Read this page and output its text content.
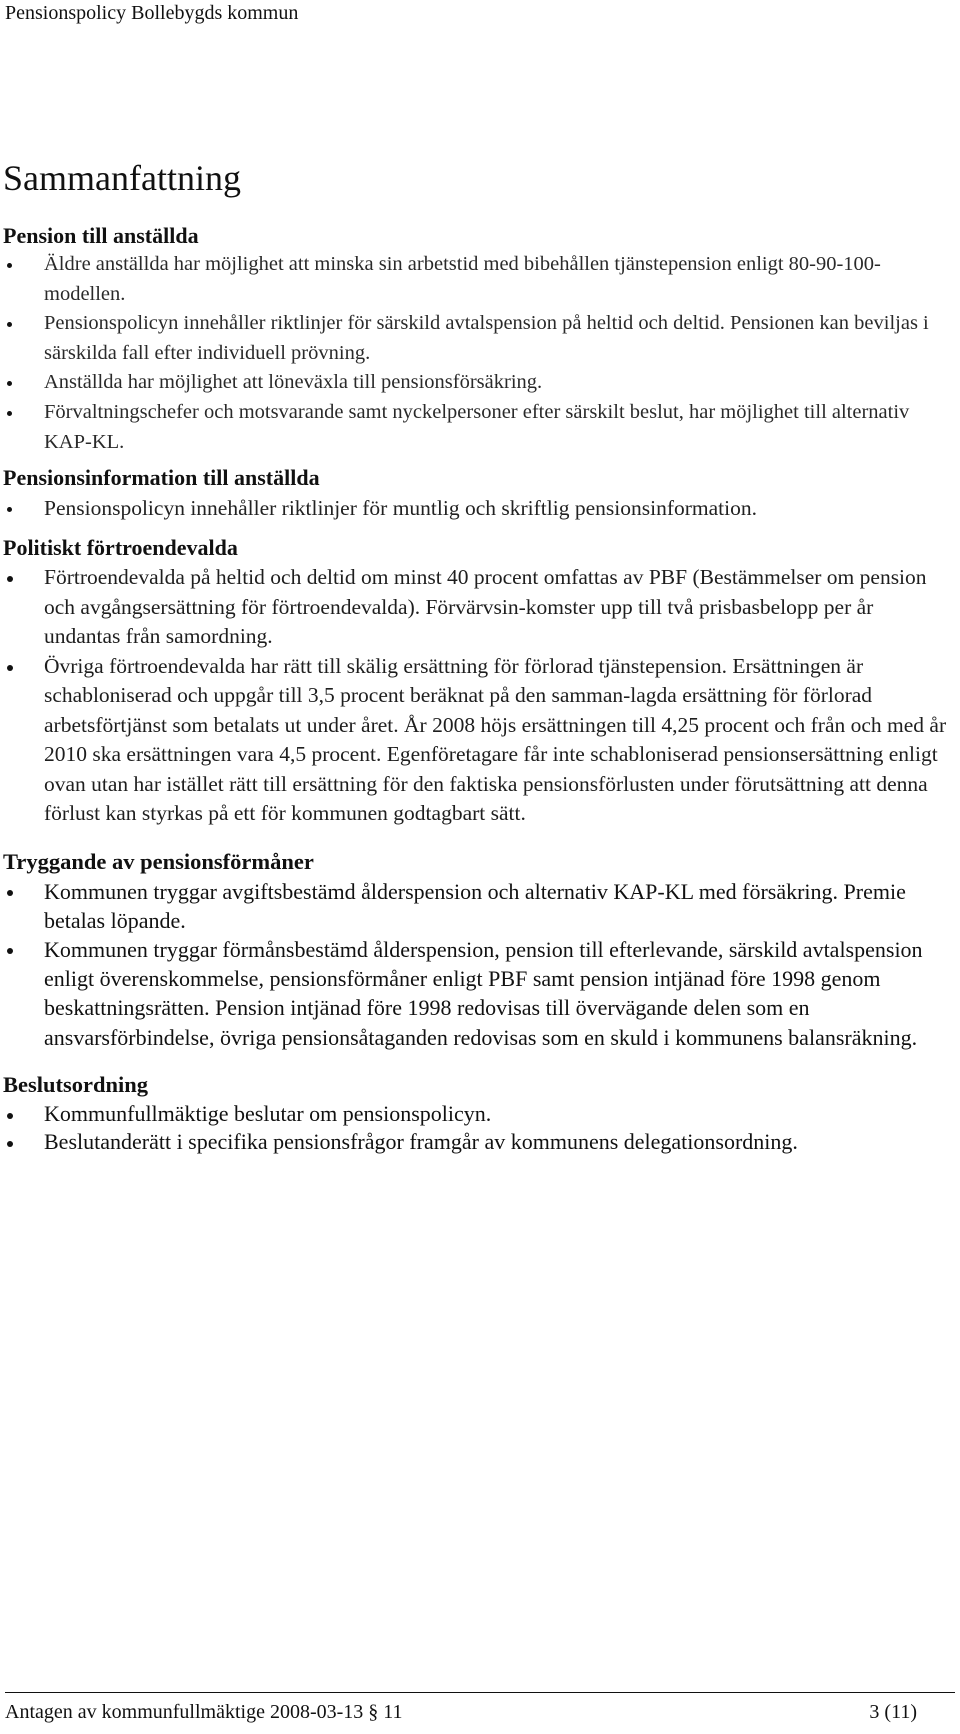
Pensionspolicy Bollebygds kommun
Sammanfattning
Pension till anställda
Äldre anställda har möjlighet att minska sin arbetstid med bibehållen tjänstepension enligt 80-90-100-modellen.
Pensionspolicyn innehåller riktlinjer för särskild avtalspension på heltid och deltid. Pensionen kan beviljas i särskilda fall efter individuell prövning.
Anställda har möjlighet att löneväxla till pensionsförsäkring.
Förvaltningschefer och motsvarande samt nyckelpersoner efter särskilt beslut, har möjlighet till alternativ KAP-KL.
Pensionsinformation till anställda
Pensionspolicyn innehåller riktlinjer för muntlig och skriftlig pensionsinformation.
Politiskt förtroendevalda
Förtroendevalda på heltid och deltid om minst 40 procent omfattas av PBF (Bestämmelser om pension och avgångsersättning för förtroendevalda). Förvärvsin-komster upp till två prisbasbelopp per år undantas från samordning.
Övriga förtroendevalda har rätt till skälig ersättning för förlorad tjänstepension. Ersättningen är schabloniserad och uppgår till 3,5 procent beräknat på den samman-lagda ersättning för förlorad arbetsförtjänst som betalats ut under året. År 2008 höjs ersättningen till 4,25 procent och från och med år 2010 ska ersättningen vara 4,5 procent. Egenföretagare får inte schabloniserad pensionsersättning enligt ovan utan har istället rätt till ersättning för den faktiska pensionsförlusten under förutsättning att denna förlust kan styrkas på ett för kommunen godtagbart sätt.
Tryggande av pensionsförmåner
Kommunen tryggar avgiftsbestämd ålderspension och alternativ KAP-KL med försäkring. Premie betalas löpande.
Kommunen tryggar förmånsbestämd ålderspension, pension till efterlevande, särskild avtalspension enligt överenskommelse, pensionsförmåner enligt PBF samt pension intjänad före 1998 genom beskattningsrätten. Pension intjänad före 1998 redovisas till övervägande delen som en ansvarsförbindelse, övriga pensionsåtaganden redovisas som en skuld i kommunens balansräkning.
Beslutsordning
Kommunfullmäktige beslutar om pensionspolicyn.
Beslutanderätt i specifika pensionsfrågor framgår av kommunens delegationsordning.
Antagen av kommunfullmäktige 2008-03-13 § 11	3 (11)
